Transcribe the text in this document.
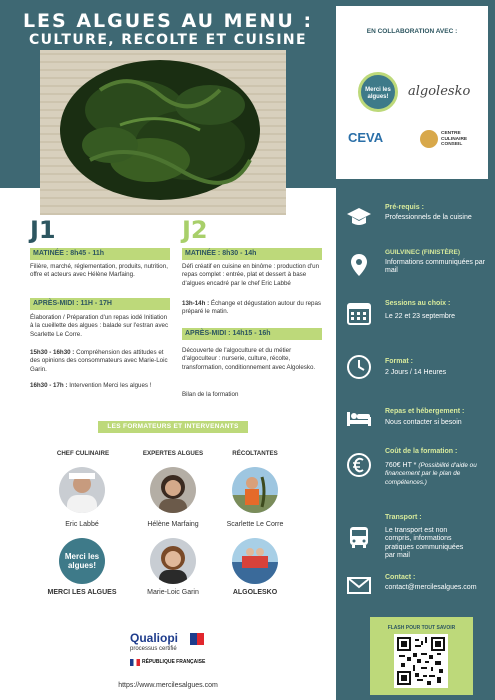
LES ALGUES AU MENU :
CULTURE, RECOLTE ET CUISINE
EN COLLABORATION AVEC :
Merci les algues!	algolesko
CEVA	CENTRE CULINAIRE CONSEIL
J1
MATINÉE : 8h45 - 11h
Filière, marché, réglementation, produits, nutrition, offre et acteurs avec Hélène Marfaing.
APRÈS-MIDI : 11H - 17H
Élaboration / Préparation d'un repas iodé Initiation à la cueillette des algues : balade sur l'estran avec Scarlette Le Corre.
15h30 - 16h30 : Compréhension des attitudes et des opinions des consommateurs avec Marie-Loic Garin.
16h30 - 17h : Intervention Merci les algues !
J2
MATINÉE : 8h30 - 14h
Défi créatif en cuisine en binôme : production d'un repas complet : entrée, plat et dessert à base d'algues encadré par le chef Eric Labbé
13h-14h : Échange et dégustation autour du repas préparé le matin.
APRÈS-MIDI : 14h15 - 16h
Découverte de l'algoculture et du métier d'algoculteur : nurserie, culture, récolte, transformation, conditionnement avec Algolesko.
Bilan de la formation
LES FORMATEURS ET INTERVENANTS
CHEF CULINAIRE	EXPERTES ALGUES	RÉCOLTANTES
Eric Labbé	Hélène Marfaing	Scarlette Le Corre
Merci les algues!
MERCI LES ALGUES	Marie-Loic Garin	ALGOLESKO
Qualiopi
processus certifié
RÉPUBLIQUE FRANÇAISE
https://www.mercilesalgues.com
Pré-requis :
Professionnels de la cuisine
GUILVINEC (FINISTÈRE)
Informations communiquées par mail
Sessions au choix :
Le 22 et 23 septembre
Format :
2 Jours / 14 Heures
Repas et hébergement :
Nous contacter si besoin
Coût de la formation :
760€ HT * (Possibilité d'aide ou financement par le plan de compétences.)
Transport :
Le transport est non compris, informations pratiques communiquées par mail
Contact :
contact@mercilesalgues.com
FLASH POUR TOUT SAVOIR
